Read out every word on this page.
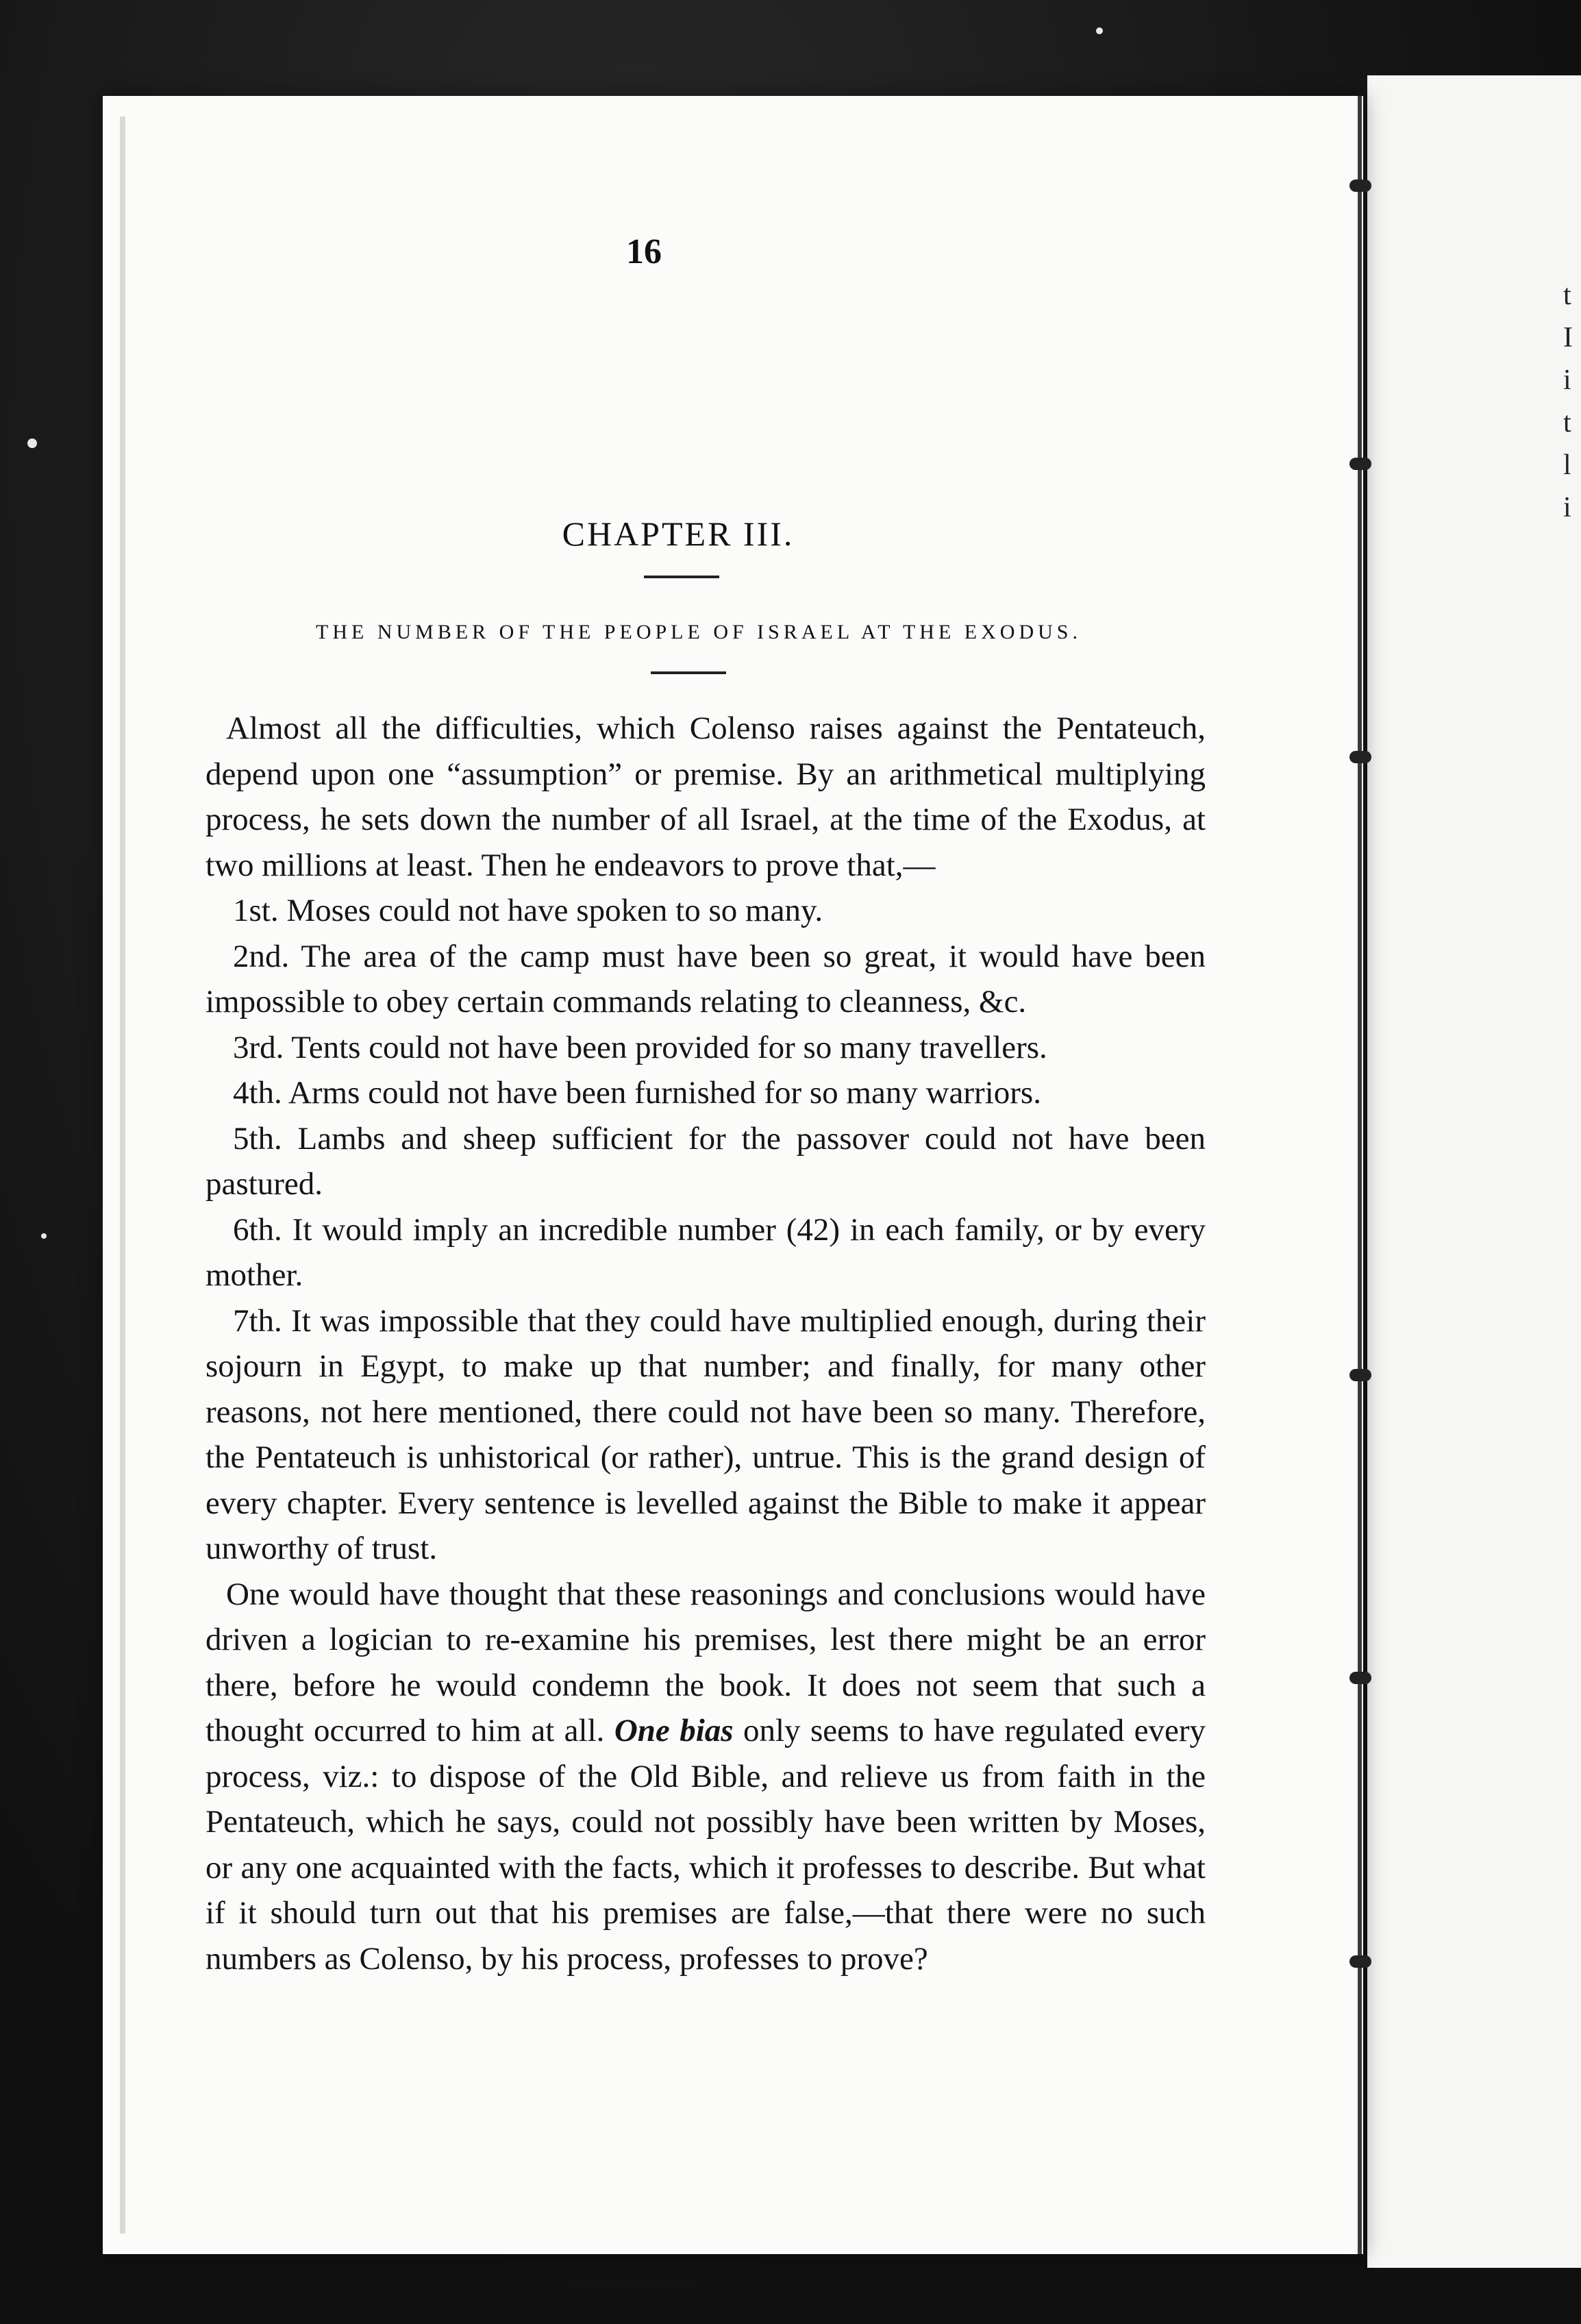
t
I
i
t
l
i
16
CHAPTER III.
THE NUMBER OF THE PEOPLE OF ISRAEL AT THE EXODUS.

Almost all the difficulties, which Colenso raises against the Pentateuch, depend upon one “assumption” or premise. By an arithmetical multiplying process, he sets down the number of all Israel, at the time of the Exodus, at two millions at least. Then he endeavors to prove that,—

1st. Moses could not have spoken to so many.

2nd. The area of the camp must have been so great, it would have been impossible to obey certain commands relating to cleanness, &c.

3rd. Tents could not have been provided for so many travellers.

4th. Arms could not have been furnished for so many warriors.

5th. Lambs and sheep sufficient for the passover could not have been pastured.

6th. It would imply an incredible number (42) in each family, or by every mother.

7th. It was impossible that they could have multiplied enough, during their sojourn in Egypt, to make up that number; and finally, for many other reasons, not here mentioned, there could not have been so many. Therefore, the Pentateuch is unhistorical (or rather), untrue. This is the grand design of every chapter. Every sentence is levelled against the Bible to make it appear unworthy of trust.

One would have thought that these reasonings and conclusions would have driven a logician to re-examine his premises, lest there might be an error there, before he would condemn the book. It does not seem that such a thought occurred to him at all. One bias only seems to have regulated every process, viz.: to dispose of the Old Bible, and relieve us from faith in the Pentateuch, which he says, could not possibly have been written by Moses, or any one acquainted with the facts, which it professes to describe. But what if it should turn out that his premises are false,—that there were no such numbers as Colenso, by his process, professes to prove?
